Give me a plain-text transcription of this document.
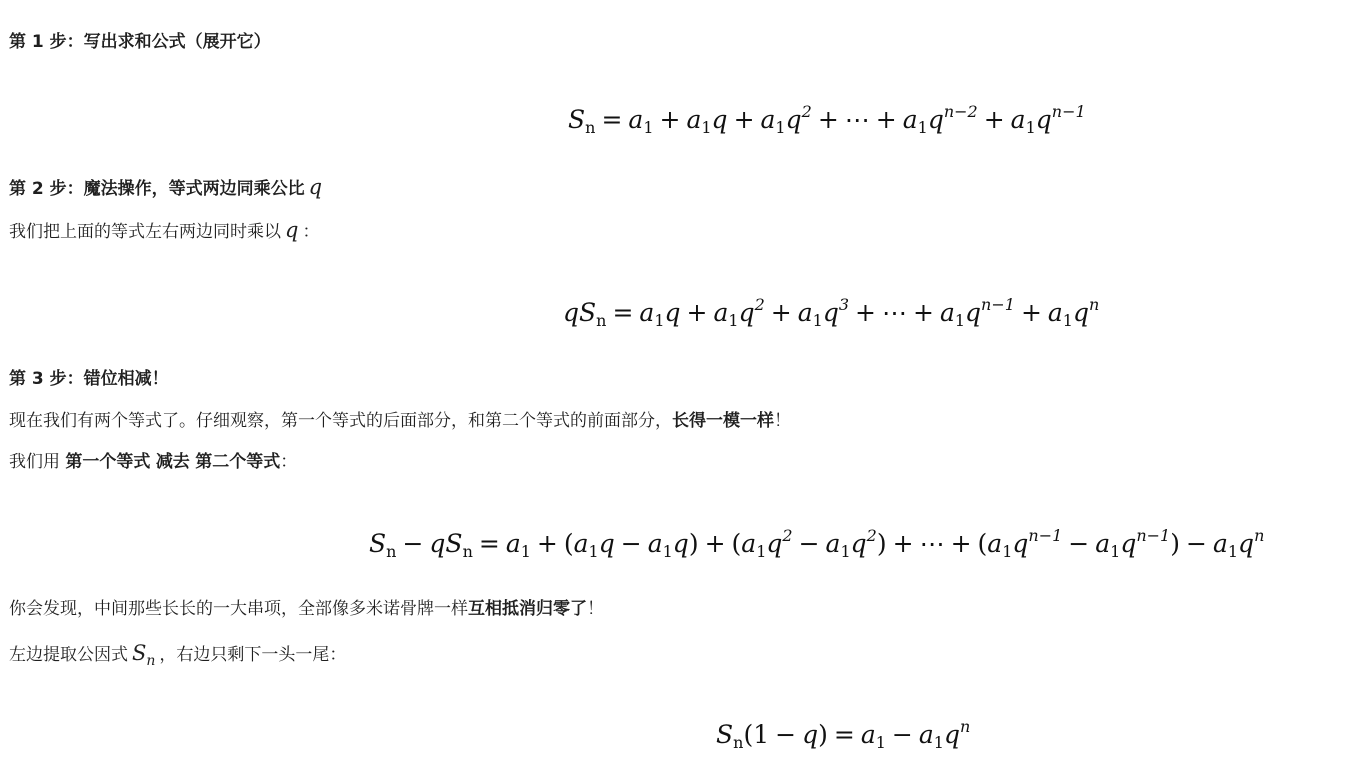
第 1 步：写出求和公式（展开它）
$S_n = a_1 + a_1q + a_1q^2$ + ⋯ + $a_1q^{n-2} + a_1q^{n-1}$
第 2 步：魔法操作，等式两边同乘公比 q
我们把上面的等式左右两边同时乘以 q ：
$qS_n = a_1q + a_1q^2 + a_1q^3$ + ⋯ + $a_1q^{n-1} + a_1q^n$
第 3 步：错位相减！
现在我们有两个等式了。仔细观察，第一个等式的后面部分，和第二个等式的前面部分，长得一模一样！
我们用 第一个等式 减去 第二个等式：
$S_n - qS_n = a_1 + (a_1q - a_1q) + (a_1q^2 - a_1q^2)$ + ⋯ + $(a_1q^{n-1} - a_1q^{n-1}) - a_1q^n$
你会发现，中间那些长长的一大串项，全部像多米诺骨牌一样互相抵消归零了！
左边提取公因式 $S_n$ ，右边只剩下一头一尾：
$S_n(1 - q) = a_1 - a_1q^n$
